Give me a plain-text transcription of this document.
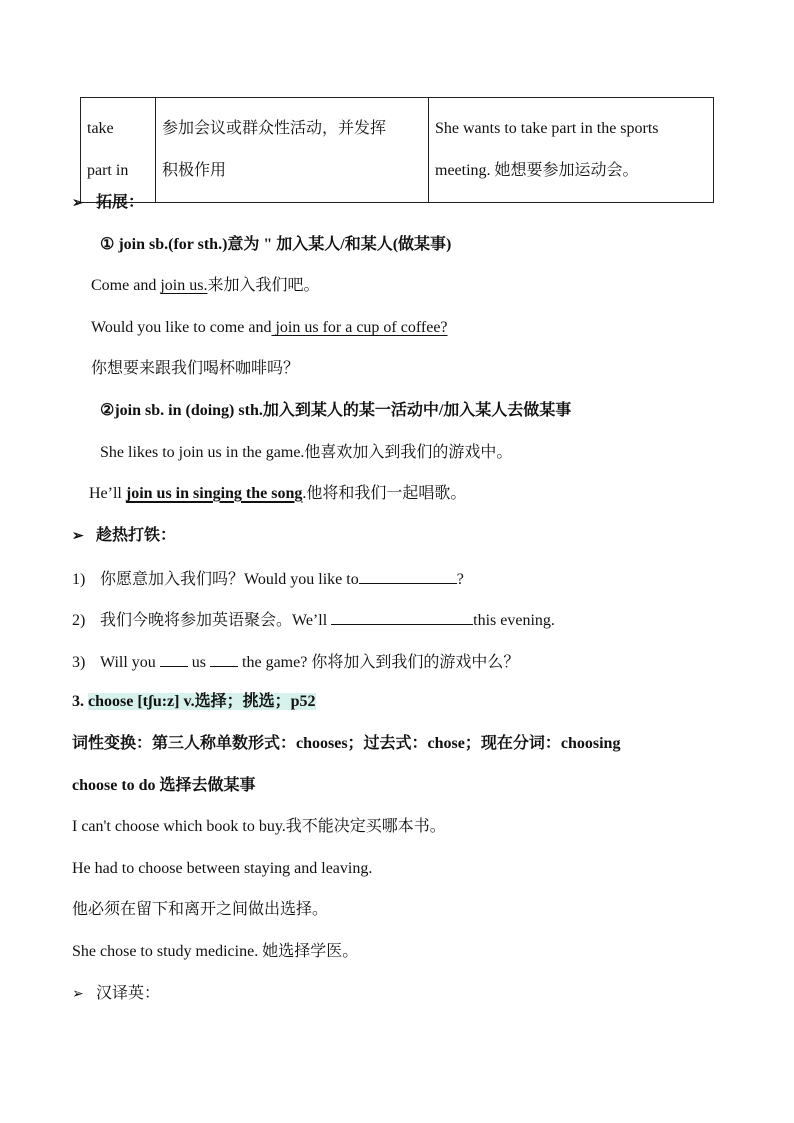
take
part in

参加会议或群众性活动，并发挥
积极作用

She wants to take part in the sports
meeting. 她想要参加运动会。
➢ 拓展：
① join sb.(for sth.)意为 " 加入某人/和某人(做某事)
Come and join us.来加入我们吧。
Would you like to come and join us for a cup of coffee?
你想要来跟我们喝杯咖啡吗？
②join sb. in (doing) sth.加入到某人的某一活动中/加入某人去做某事
She likes to join us in the game.他喜欢加入到我们的游戏中。
He’ll join us in singing the song.他将和我们一起唱歌。
➢ 趁热打铁：
1) 你愿意加入我们吗？Would you like to	?
2) 我们今晚将参加英语聚会。We’ll	this evening.
3) Will you  us  the game? 你将加入到我们的游戏中么？
3. choose [tʃu:z] v.选择；挑选；p52
词性变换：第三人称单数形式：chooses；过去式：chose；现在分词：choosing
choose to do 选择去做某事
I can't choose which book to buy.我不能决定买哪本书。
He had to choose between staying and leaving.
他必须在留下和离开之间做出选择。
She chose to study medicine. 她选择学医。
➢ 汉译英：
